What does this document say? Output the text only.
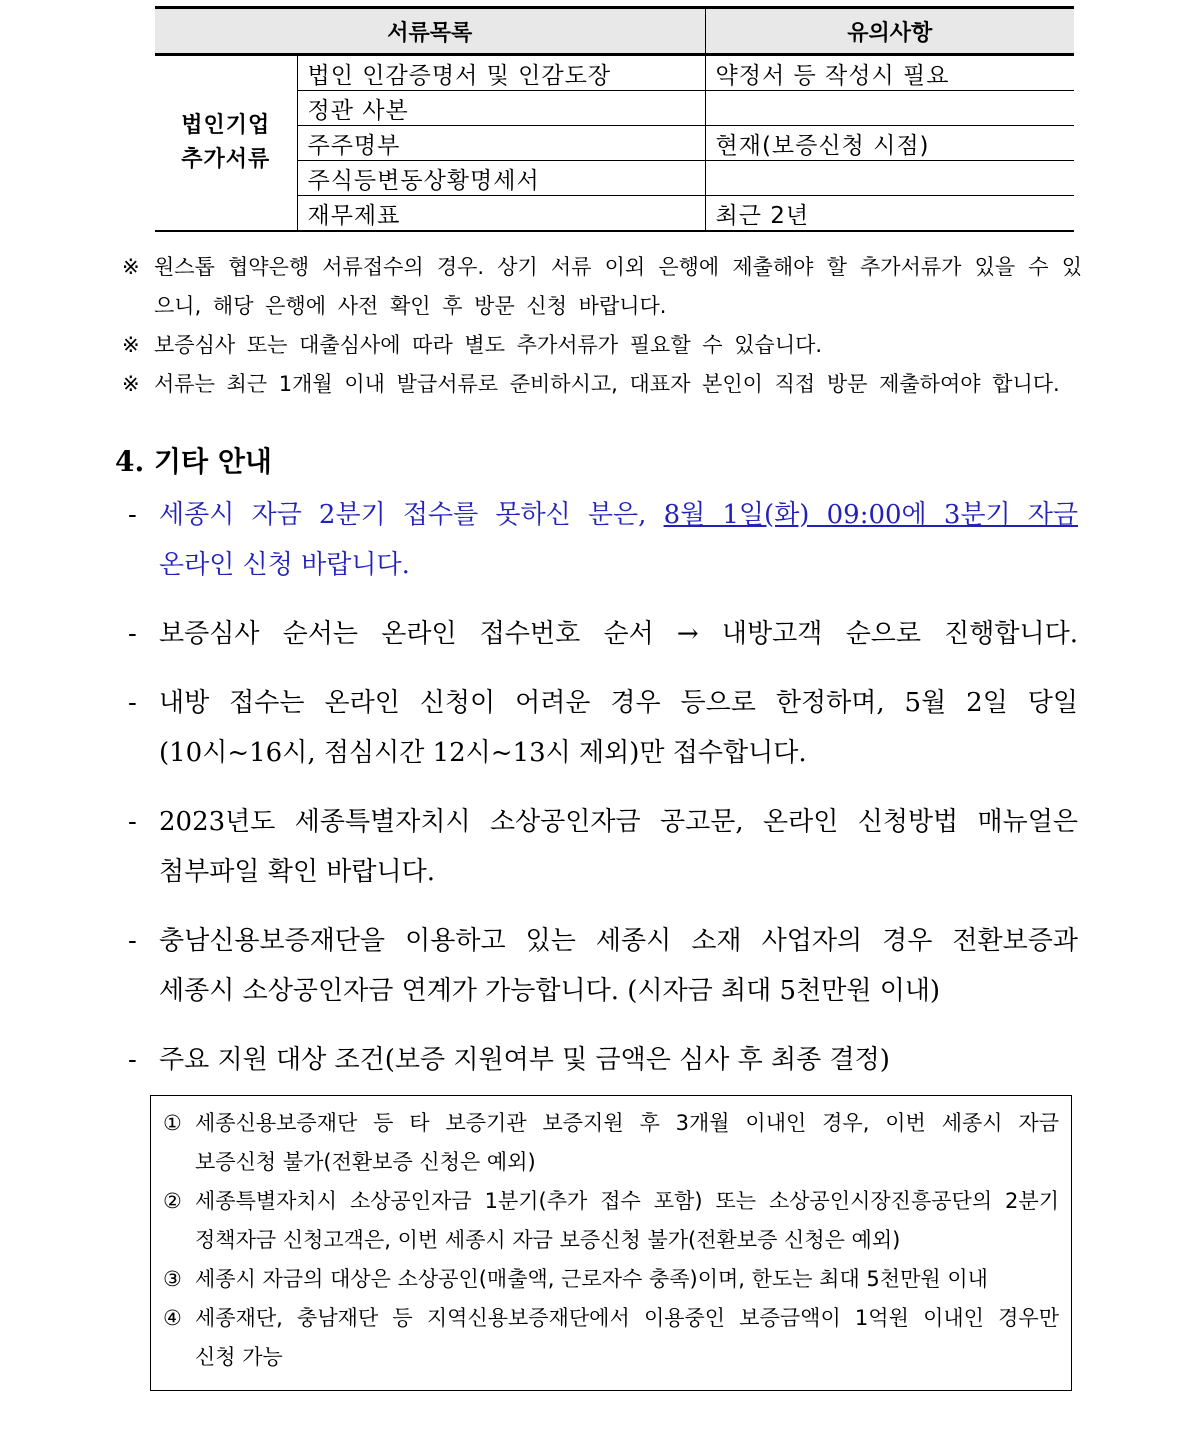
서류목록		유의사항
법인기업
추가서류	법인 인감증명서 및 인감도장	약정서 등 작성시 필요
	정관 사본	
	주주명부	현재(보증신청 시점)
	주식등변동상황명세서	
	재무제표	최근 2년
※ 원스톱 협약은행 서류접수의 경우. 상기 서류 이외 은행에 제출해야 할 추가서류가 있을 수 있으니, 해당 은행에 사전 확인 후 방문 신청 바랍니다.
※ 보증심사 또는 대출심사에 따라 별도 추가서류가 필요할 수 있습니다.
※ 서류는 최근 1개월 이내 발급서류로 준비하시고, 대표자 본인이 직접 방문 제출하여야 합니다.
4. 기타 안내
- 세종시 자금 2분기 접수를 못하신 분은, 8월 1일(화) 09:00에 3분기 자금
온라인 신청 바랍니다.
- 보증심사 순서는 온라인 접수번호 순서 → 내방고객 순으로 진행합니다.
- 내방 접수는 온라인 신청이 어려운 경우 등으로 한정하며, 5월 2일 당일
(10시~16시, 점심시간 12시~13시 제외)만 접수합니다.
- 2023년도 세종특별자치시 소상공인자금 공고문, 온라인 신청방법 매뉴얼은
첨부파일 확인 바랍니다.
- 충남신용보증재단을 이용하고 있는 세종시 소재 사업자의 경우 전환보증과
세종시 소상공인자금 연계가 가능합니다. (시자금 최대 5천만원 이내)
- 주요 지원 대상 조건(보증 지원여부 및 금액은 심사 후 최종 결정)
① 세종신용보증재단 등 타 보증기관 보증지원 후 3개월 이내인 경우, 이번 세종시 자금
보증신청 불가(전환보증 신청은 예외)
② 세종특별자치시 소상공인자금 1분기(추가 접수 포함) 또는 소상공인시장진흥공단의 2분기
정책자금 신청고객은, 이번 세종시 자금 보증신청 불가(전환보증 신청은 예외)
③ 세종시 자금의 대상은 소상공인(매출액, 근로자수 충족)이며, 한도는 최대 5천만원 이내
④ 세종재단, 충남재단 등 지역신용보증재단에서 이용중인 보증금액이 1억원 이내인 경우만
신청 가능
